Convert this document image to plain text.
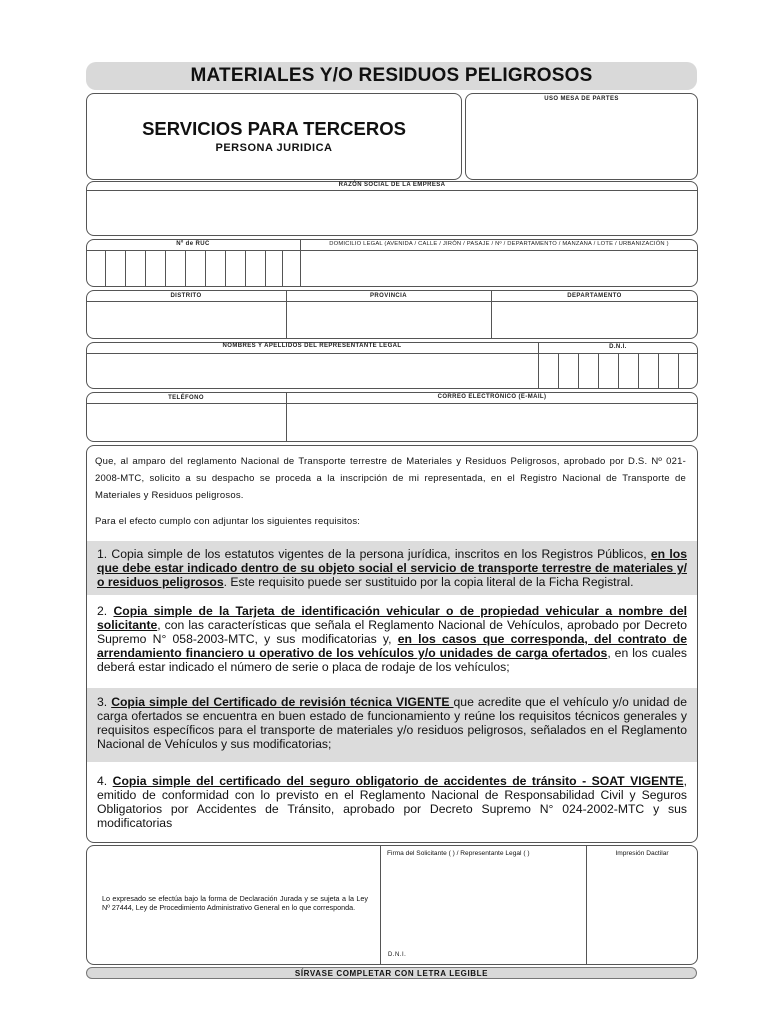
MATERIALES Y/O RESIDUOS PELIGROSOS
SERVICIOS PARA TERCEROS
PERSONA JURIDICA
USO MESA DE PARTES
RAZÓN SOCIAL DE LA EMPRESA
Nº de RUC	DOMICILIO LEGAL (AVENIDA / CALLE / JIRÓN / PASAJE / Nº / DEPARTAMENTO / MANZANA / LOTE / URBANIZACIÓN )
DISTRITO	PROVINCIA	DEPARTAMENTO
NOMBRES Y APELLIDOS DEL REPRESENTANTE LEGAL	D.N.I.
TELÉFONO	CORREO ELECTRÓNICO (E-MAIL)
Que, al amparo del reglamento Nacional de Transporte terrestre de Materiales y Residuos Peligrosos, aprobado por D.S. Nº 021-2008-MTC, solicito a su despacho se proceda a la inscripción de mi representada, en el Registro Nacional de Transporte de Materiales y Residuos peligrosos.
Para el efecto cumplo con adjuntar los siguientes requisitos:
1. Copia simple de los estatutos vigentes de la persona jurídica, inscritos en los Registros Públicos, en los que debe estar indicado dentro de su objeto social el servicio de transporte terrestre de materiales y/ o residuos peligrosos. Este requisito puede ser sustituido por la copia literal de la Ficha Registral.
2. Copia simple de la Tarjeta de identificación vehicular o de propiedad vehicular a nombre del solicitante, con las características que señala el Reglamento Nacional de Vehículos, aprobado por Decreto Supremo N° 058-2003-MTC, y sus modificatorias y, en los casos que corresponda, del contrato de arrendamiento financiero u operativo de los vehículos y/o unidades de carga ofertados, en los cuales deberá estar indicado el número de serie o placa de rodaje de los vehículos;
3. Copia simple del Certificado de revisión técnica VIGENTE que acredite que el vehículo y/o unidad de carga ofertados se encuentra en buen estado de funcionamiento y reúne los requisitos técnicos generales y requisitos específicos para el transporte de materiales y/o residuos peligrosos, señalados en el Reglamento Nacional de Vehículos y sus modificatorias;
4. Copia simple del certificado del seguro obligatorio de accidentes de tránsito - SOAT VIGENTE, emitido de conformidad con lo previsto en el Reglamento Nacional de Responsabilidad Civil y Seguros Obligatorios por Accidentes de Tránsito, aprobado por Decreto Supremo N° 024-2002-MTC y sus modificatorias
Lo expresado se efectúa bajo la forma de Declaración Jurada y se sujeta a la Ley Nº 27444, Ley de Procedimiento Administrativo General en lo que corresponda.
Firma del Solicitante ( ) / Representante Legal ( )
D.N.I.
Impresión Dactilar
SÍRVASE COMPLETAR CON LETRA LEGIBLE
